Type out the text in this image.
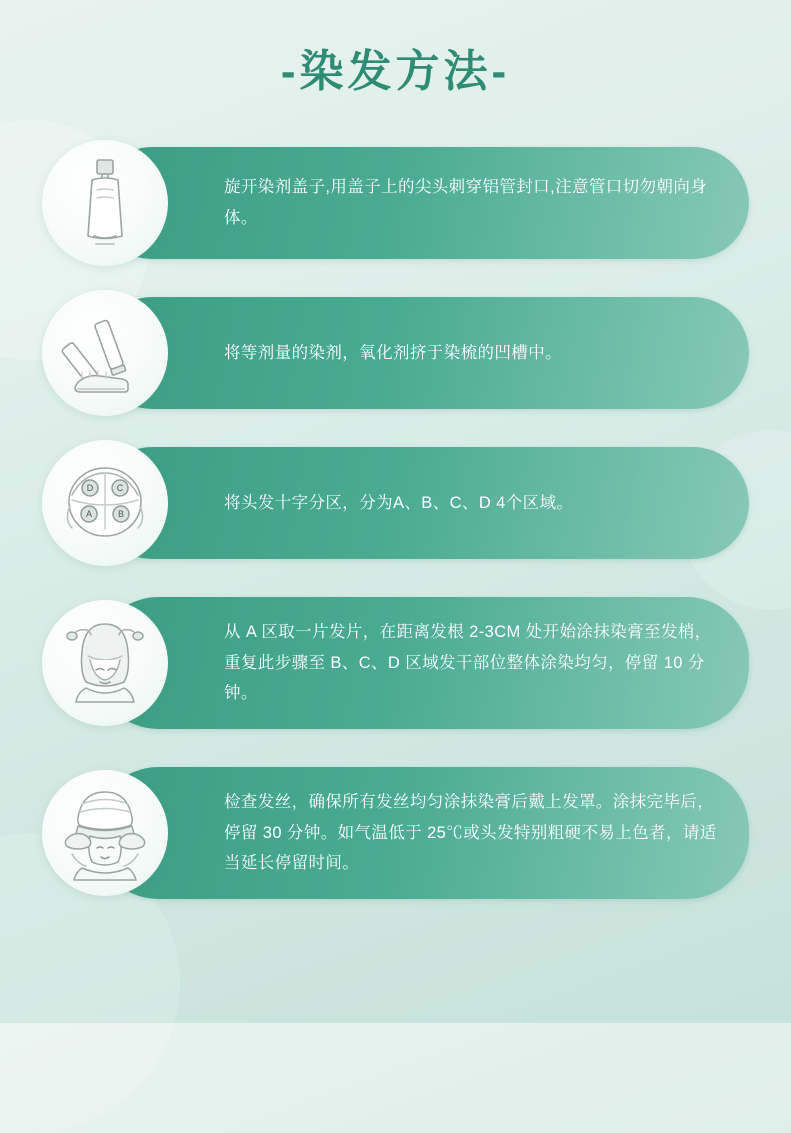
-染发方法-
旋开染剂盖子,用盖子上的尖头刺穿铝管封口,注意管口切勿朝向身体。
将等剂量的染剂，氧化剂挤于染梳的凹槽中。
将头发十字分区，分为A、B、C、D 4个区域。
D	C
A	B
从 A 区取一片发片，在距离发根 2-3CM 处开始涂抹染膏至发梢，重复此步骤至 B、C、D 区域发干部位整体涂染均匀，停留 10 分钟。
检查发丝，确保所有发丝均匀涂抹染膏后戴上发罩。涂抹完毕后，停留 30 分钟。如气温低于 25℃或头发特别粗硬不易上色者，请适当延长停留时间。
